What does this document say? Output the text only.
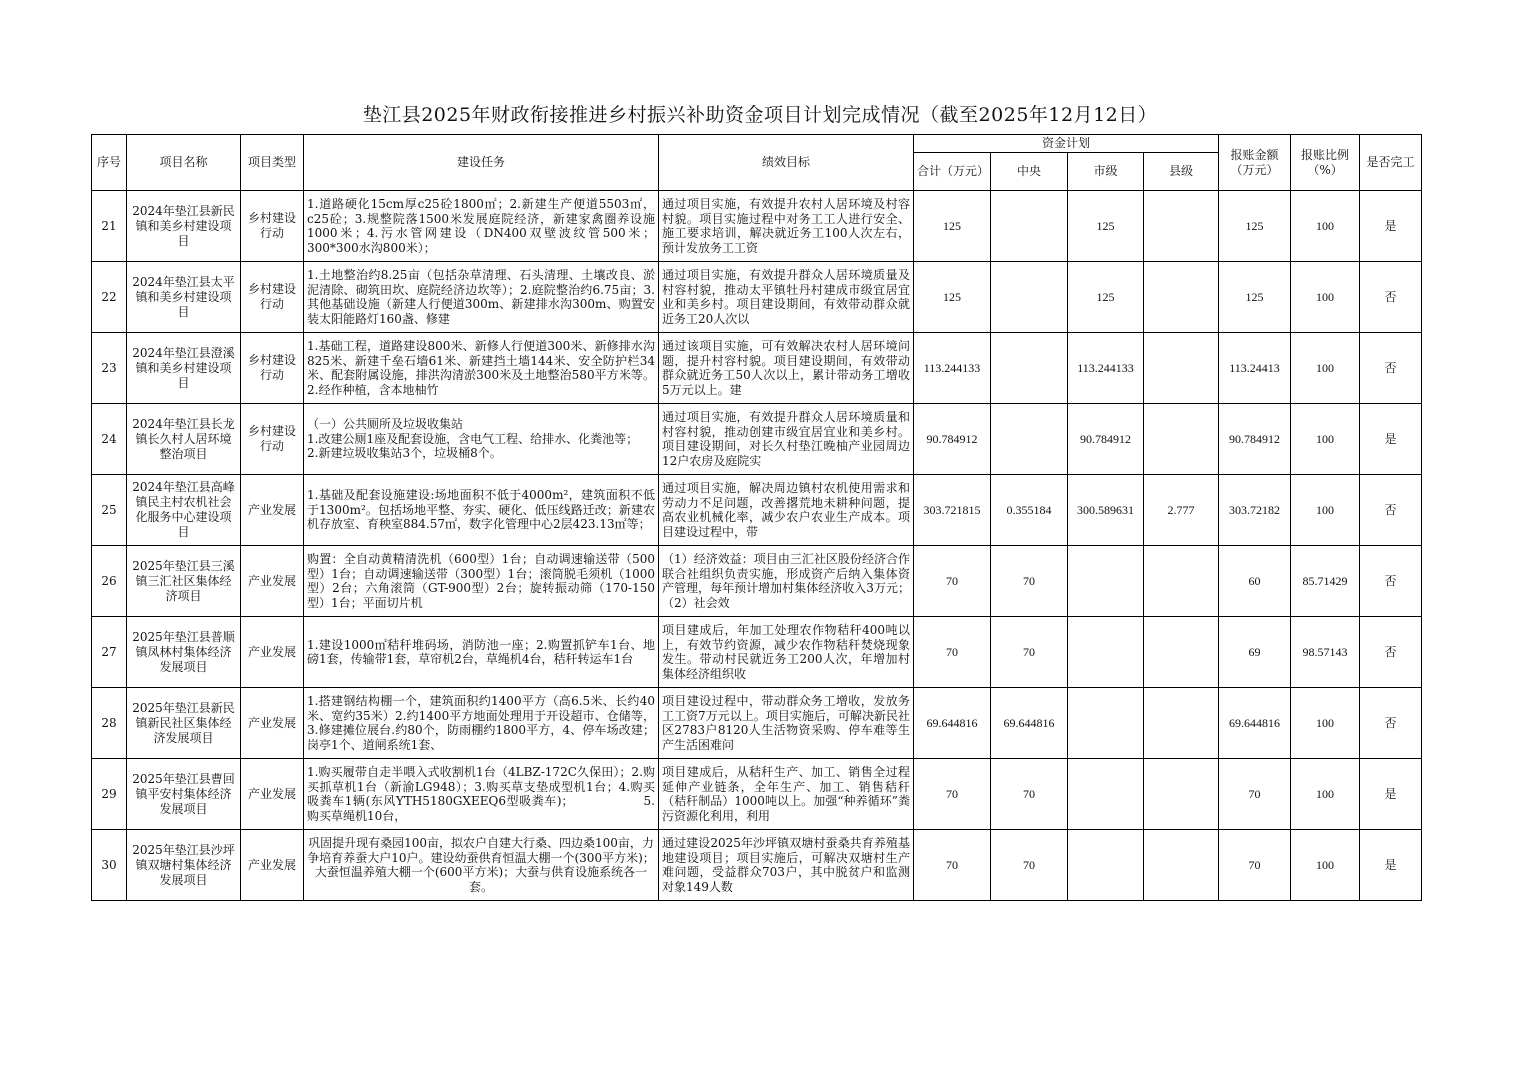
垫江县2025年财政衔接推进乡村振兴补助资金项目计划完成情况（截至2025年12月12日）
序号	项目名称	项目类型	建设任务	绩效目标	资金计划				报账金额（万元）	报账比例（%）	是否完工
					合计（万元）	中央	市级	县级			
21	2024年垫江县新民镇和美乡村建设项目	乡村建设行动	1.道路硬化15cm厚c25砼1800㎡；2.新建生产便道5503㎡，c25砼；3.规整院落1500米发展庭院经济，新建家禽圈养设施1000米；4.污水管网建设（DN400双壁波纹管500米；300*300水沟800米）；	通过项目实施，有效提升农村人居环境及村容村貌。项目实施过程中对务工工人进行安全、施工要求培训，解决就近务工100人次左右，预计发放务工工资	125		125		125	100	是
22	2024年垫江县太平镇和美乡村建设项目	乡村建设行动	1.土地整治约8.25亩（包括杂草清理、石头清理、土壤改良、淤泥清除、砌筑田坎、庭院经济边坎等）；2.庭院整治约6.75亩；3.其他基础设施（新建人行便道300m、新建排水沟300m、购置安装太阳能路灯160盏、修建	通过项目实施，有效提升群众人居环境质量及村容村貌，推动太平镇牡丹村建成市级宜居宜业和美乡村。项目建设期间，有效带动群众就近务工20人次以	125		125		125	100	否
23	2024年垫江县澄溪镇和美乡村建设项目	乡村建设行动	1.基础工程，道路建设800米、新修人行便道300米、新修排水沟825米、新建千垒石墙61米、新建挡土墙144米、安全防护栏34米、配套附属设施，排洪沟清淤300米及土地整治580平方米等。2.经作种植，含本地柚竹	通过该项目实施，可有效解决农村人居环境问题，提升村容村貌。项目建设期间，有效带动群众就近务工50人次以上，累计带动务工增收5万元以上。建	113.244133		113.244133		113.24413	100	否
24	2024年垫江县长龙镇长久村人居环境整治项目	乡村建设行动	（一）公共厕所及垃圾收集站
1.改建公厕1座及配套设施，含电气工程、给排水、化粪池等；
2.新建垃圾收集站3个，垃圾桶8个。	通过项目实施，有效提升群众人居环境质量和村容村貌，推动创建市级宜居宜业和美乡村。项目建设期间，对长久村垫江晚柚产业园周边12户农房及庭院实	90.784912		90.784912		90.784912	100	是
25	2024年垫江县高峰镇民主村农机社会化服务中心建设项目	产业发展	1.基础及配套设施建设:场地面积不低于4000m²，建筑面积不低于1300m²。包括场地平整、夯实、硬化、低压线路迁改；新建农机存放室、育秧室884.57㎡，数字化管理中心2层423.13㎡等；	通过项目实施，解决周边镇村农机使用需求和劳动力不足问题，改善撂荒地未耕种问题，提高农业机械化率，减少农户农业生产成本。项目建设过程中，带	303.721815	0.355184	300.589631	2.777	303.72182	100	否
26	2025年垫江县三溪镇三汇社区集体经济项目	产业发展	购置：全自动黄精清洗机（600型）1台；自动调速输送带（500型）1台；自动调速输送带（300型）1台；滚筒脱毛须机（1000型）2台；六角滚筒（GT-900型）2台；旋转振动筛（170-150型）1台；平面切片机	（1）经济效益：项目由三汇社区股份经济合作联合社组织负责实施，形成资产后纳入集体资产管理，每年预计增加村集体经济收入3万元；（2）社会效	70	70			60	85.71429	否
27	2025年垫江县普顺镇凤林村集体经济发展项目	产业发展	1.建设1000㎡秸秆堆码场，消防池一座；2.购置抓铲车1台、地磅1套，传输带1套，草帘机2台，草绳机4台，秸秆转运车1台	项目建成后，年加工处理农作物秸秆400吨以上，有效节约资源，减少农作物秸秆焚烧现象发生。带动村民就近务工200人次，年增加村集体经济组织收	70	70			69	98.57143	否
28	2025年垫江县新民镇新民社区集体经济发展项目	产业发展	1.搭建钢结构棚一个，建筑面积约1400平方（高6.5米、长约40米、宽约35米）2.约1400平方地面处理用于开设超市、仓储等，3.修建摊位展台.约80个，防雨棚约1800平方，4、停车场改建；岗亭1个、道闸系统1套、	项目建设过程中，带动群众务工增收，发放务工工资7万元以上。项目实施后，可解决新民社区2783户8120人生活物资采购、停车难等生产生活困难问	69.644816	69.644816			69.644816	100	否
29	2025年垫江县曹回镇平安村集体经济发展项目	产业发展	1.购买履带自走半喂入式收割机1台（4LBZ-172C久保田）；2.购买抓草机1台（新渝LG948）；3.购买草支垫成型机1台；4.购买吸粪车1辆(东风YTH5180GXEEQ6型吸粪车)；　　　　　　5.购买草绳机10台，	项目建成后，从秸秆生产、加工、销售全过程延伸产业链条，全年生产、加工、销售秸秆（秸秆制品）1000吨以上。加强“种养循环”粪污资源化利用，利用	70	70			70	100	是
30	2025年垫江县沙坪镇双塘村集体经济发展项目	产业发展	巩固提升现有桑园100亩，拟农户自建大行桑、四边桑100亩，力争培育养蚕大户10户。建设幼蚕供育恒温大棚一个(300平方米)；大蚕恒温养殖大棚一个(600平方米)；大蚕与供育设施系统各一套。	通过建设2025年沙坪镇双塘村蚕桑共育养殖基地建设项目；项目实施后，可解决双塘村生产难问题，受益群众703户，其中脱贫户和监测对象149人数	70	70			70	100	是
